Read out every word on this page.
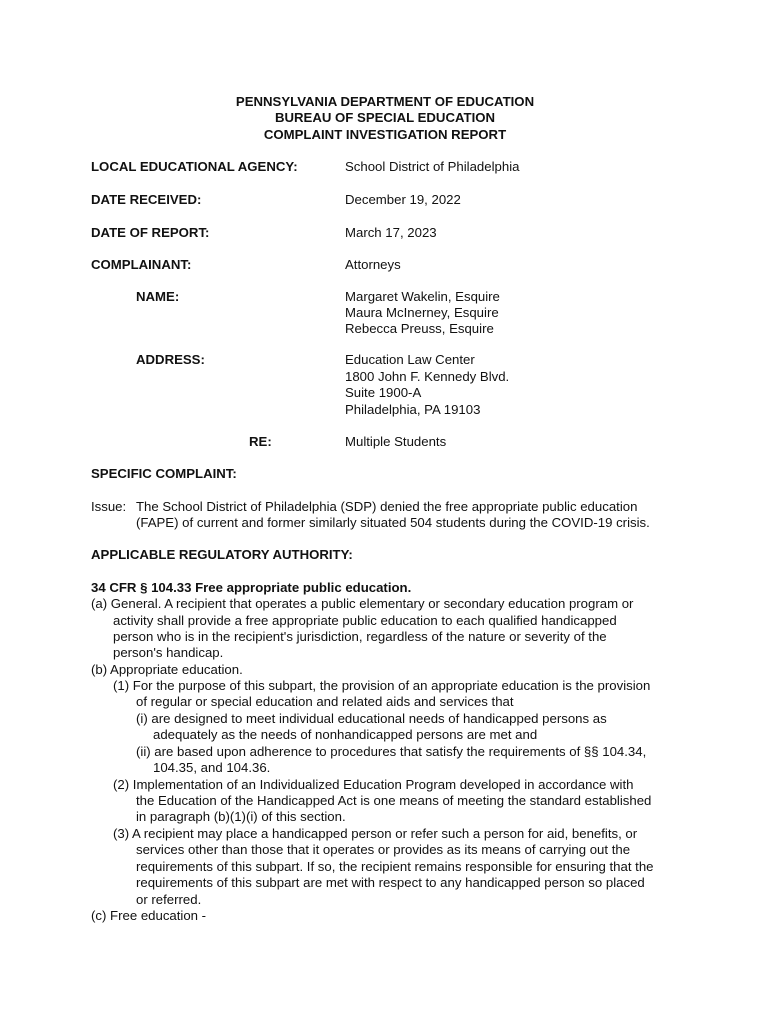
PENNSYLVANIA DEPARTMENT OF EDUCATION
BUREAU OF SPECIAL EDUCATION
COMPLAINT INVESTIGATION REPORT
LOCAL EDUCATIONAL AGENCY:	School District of Philadelphia
DATE RECEIVED:	December 19, 2022
DATE OF REPORT:	March 17, 2023
COMPLAINANT:	Attorneys
NAME:	Margaret Wakelin, Esquire
Maura McInerney, Esquire
Rebecca Preuss, Esquire
ADDRESS:	Education Law Center
1800 John F. Kennedy Blvd.
Suite 1900-A
Philadelphia, PA 19103
RE:	Multiple Students
SPECIFIC COMPLAINT:
Issue: The School District of Philadelphia (SDP) denied the free appropriate public education
(FAPE) of current and former similarly situated 504 students during the COVID-19 crisis.
APPLICABLE REGULATORY AUTHORITY:
34 CFR § 104.33 Free appropriate public education.
(a) General. A recipient that operates a public elementary or secondary education program or
activity shall provide a free appropriate public education to each qualified handicapped
person who is in the recipient's jurisdiction, regardless of the nature or severity of the
person's handicap.
(b) Appropriate education.
(1) For the purpose of this subpart, the provision of an appropriate education is the provision
of regular or special education and related aids and services that
(i) are designed to meet individual educational needs of handicapped persons as
adequately as the needs of nonhandicapped persons are met and
(ii) are based upon adherence to procedures that satisfy the requirements of §§ 104.34,
104.35, and 104.36.
(2) Implementation of an Individualized Education Program developed in accordance with
the Education of the Handicapped Act is one means of meeting the standard established
in paragraph (b)(1)(i) of this section.
(3) A recipient may place a handicapped person or refer such a person for aid, benefits, or
services other than those that it operates or provides as its means of carrying out the
requirements of this subpart. If so, the recipient remains responsible for ensuring that the
requirements of this subpart are met with respect to any handicapped person so placed
or referred.
(c) Free education -
